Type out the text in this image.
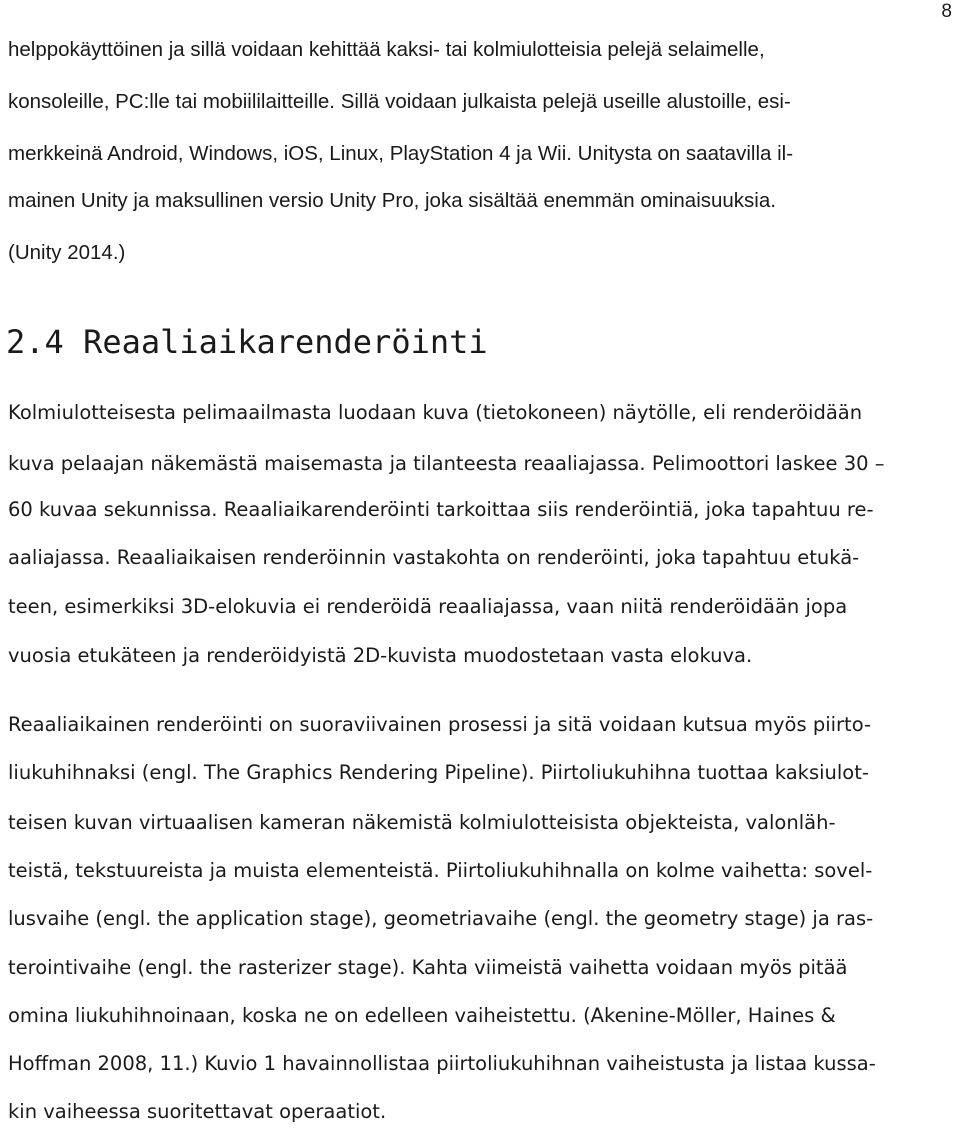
8
helppokäyttöinen ja sillä voidaan kehittää kaksi- tai kolmiulotteisia pelejä selaimelle,
konsoleille, PC:lle tai mobiililaitteille. Sillä voidaan julkaista pelejä useille alustoille, esi-
merkkeinä Android, Windows, iOS, Linux, PlayStation 4 ja Wii. Unitysta on saatavilla il-
mainen Unity ja maksullinen versio Unity Pro, joka sisältää enemmän ominaisuuksia.
(Unity 2014.)
2.4 Reaaliaikarenderöinti
Kolmiulotteisesta pelimaailmasta luodaan kuva (tietokoneen) näytölle, eli renderöidään
kuva pelaajan näkemästä maisemasta ja tilanteesta reaaliajassa. Pelimoottori laskee 30 –
60 kuvaa sekunnissa. Reaaliaikarenderöinti tarkoittaa siis renderöintiä, joka tapahtuu re-
aaliajassa. Reaaliaikaisen renderöinnin vastakohta on renderöinti, joka tapahtuu etukä-
teen, esimerkiksi 3D-elokuvia ei renderöidä reaaliajassa, vaan niitä renderöidään jopa
vuosia etukäteen ja renderöidyistä 2D-kuvista muodostetaan vasta elokuva.
Reaaliaikainen renderöinti on suoraviivainen prosessi ja sitä voidaan kutsua myös piirto-
liukuhihnaksi (engl. The Graphics Rendering Pipeline). Piirtoliukuhihna tuottaa kaksiulot-
teisen kuvan virtuaalisen kameran näkemistä kolmiulotteisista objekteista, valonläh-
teistä, tekstuureista ja muista elementeistä. Piirtoliukuhihnalla on kolme vaihetta: sovel-
lusvaihe (engl. the application stage), geometriavaihe (engl. the geometry stage) ja ras-
terointivaihe (engl. the rasterizer stage). Kahta viimeistä vaihetta voidaan myös pitää
omina liukuhihnoinaan, koska ne on edelleen vaiheistettu. (Akenine-Möller, Haines &
Hoffman 2008, 11.) Kuvio 1 havainnollistaa piirtoliukuhihnan vaiheistusta ja listaa kussa-
kin vaiheessa suoritettavat operaatiot.
